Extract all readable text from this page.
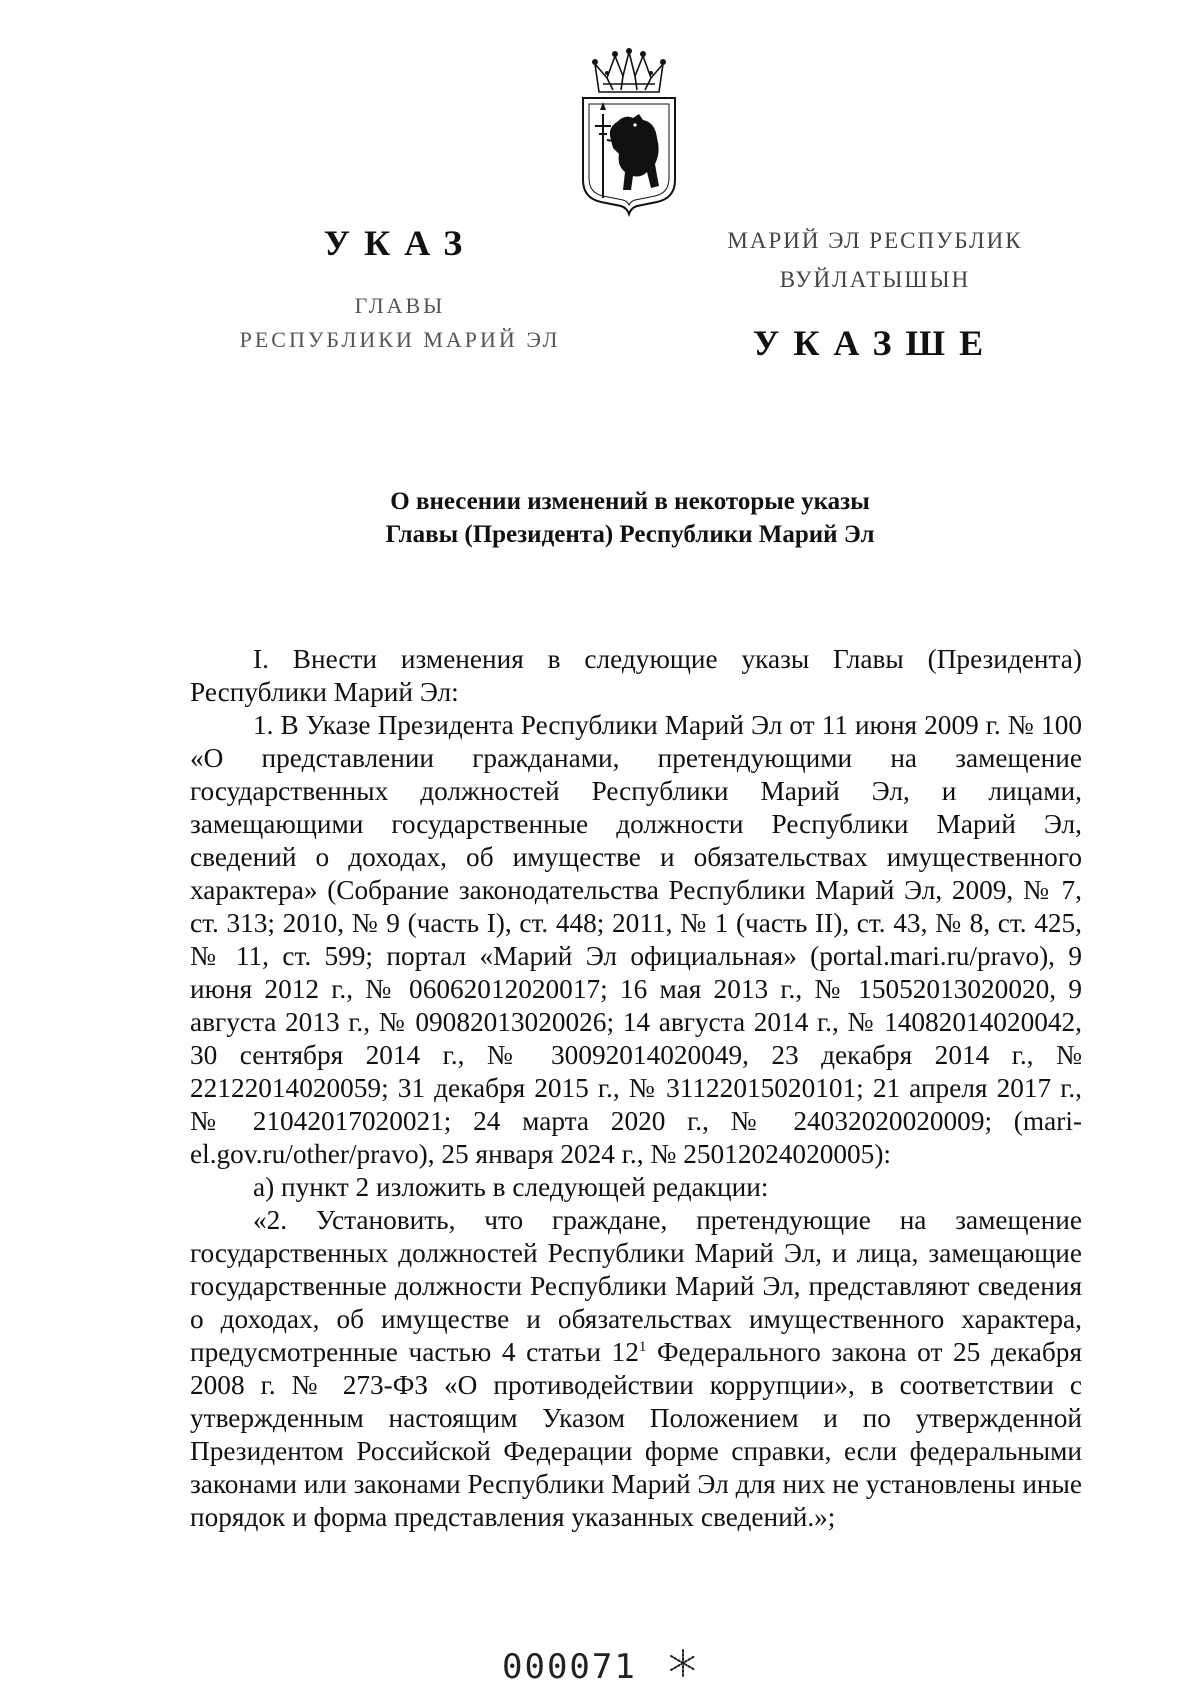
УКАЗ
ГЛАВЫ
РЕСПУБЛИКИ МАРИЙ ЭЛ
МАРИЙ ЭЛ РЕСПУБЛИК
ВУЙЛАТЫШЫН
УКАЗШЕ
О внесении изменений в некоторые указы
Главы (Президента) Республики Марий Эл

I. Внести изменения в следующие указы Главы (Президента) Республики Марий Эл:

1. В Указе Президента Республики Марий Эл от 11 июня 2009 г. № 100 «О представлении гражданами, претендующими на замещение государственных должностей Республики Марий Эл, и лицами, замещающими государственные должности Республики Марий Эл, сведений о доходах, об имуществе и обязательствах имущественного характера» (Собрание законодательства Республики Марий Эл, 2009, № 7, ст. 313; 2010, № 9 (часть I), ст. 448; 2011, № 1 (часть II), ст. 43, № 8, ст. 425, № 11, ст. 599; портал «Марий Эл официальная» (portal.mari.ru/pravo), 9 июня 2012 г., № 06062012020017; 16 мая 2013 г., № 15052013020020, 9 августа 2013 г., № 09082013020026; 14 августа 2014 г., № 14082014020042, 30 сентября 2014 г., № 30092014020049, 23 декабря 2014 г., № 22122014020059; 31 декабря 2015 г., № 31122015020101; 21 апреля 2017 г., № 21042017020021; 24 марта 2020 г., № 24032020020009; (mari-el.gov.ru/other/pravo), 25 января 2024 г., № 25012024020005):

а) пункт 2 изложить в следующей редакции:

«2. Установить, что граждане, претендующие на замещение государственных должностей Республики Марий Эл, и лица, замещающие государственные должности Республики Марий Эл, представляют сведения о доходах, об имуществе и обязательствах имущественного характера, предусмотренные частью 4 статьи $12^1$ Федерального закона от 25 декабря 2008 г. № 273-ФЗ «О противодействии коррупции», в соответствии с утвержденным настоящим Указом Положением и по утвержденной Президентом Российской Федерации форме справки, если федеральными законами или законами Республики Марий Эл для них не установлены иные порядок и форма представления указанных сведений.»;

000071
